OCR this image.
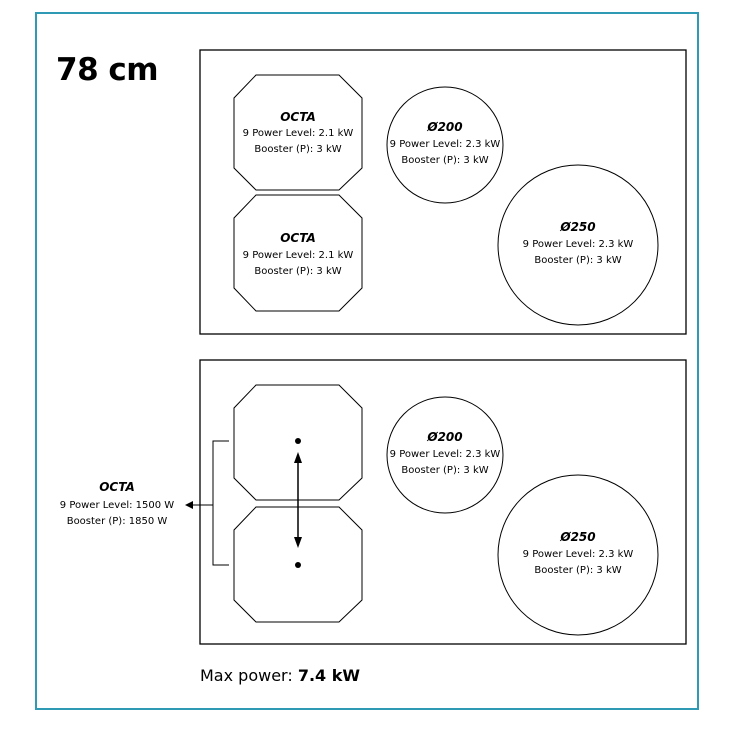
78 cm
OCTA
9 Power Level: 2.1 kW
Booster (P): 3 kW
OCTA
9 Power Level: 2.1 kW
Booster (P): 3 kW
Ø200
9 Power Level: 2.3 kW
Booster (P): 3 kW
Ø250
9 Power Level: 2.3 kW
Booster (P): 3 kW
OCTA
9 Power Level: 1500 W
Booster (P): 1850 W
Ø200
9 Power Level: 2.3 kW
Booster (P): 3 kW
Ø250
9 Power Level: 2.3 kW
Booster (P): 3 kW
Max power: 7.4 kW
